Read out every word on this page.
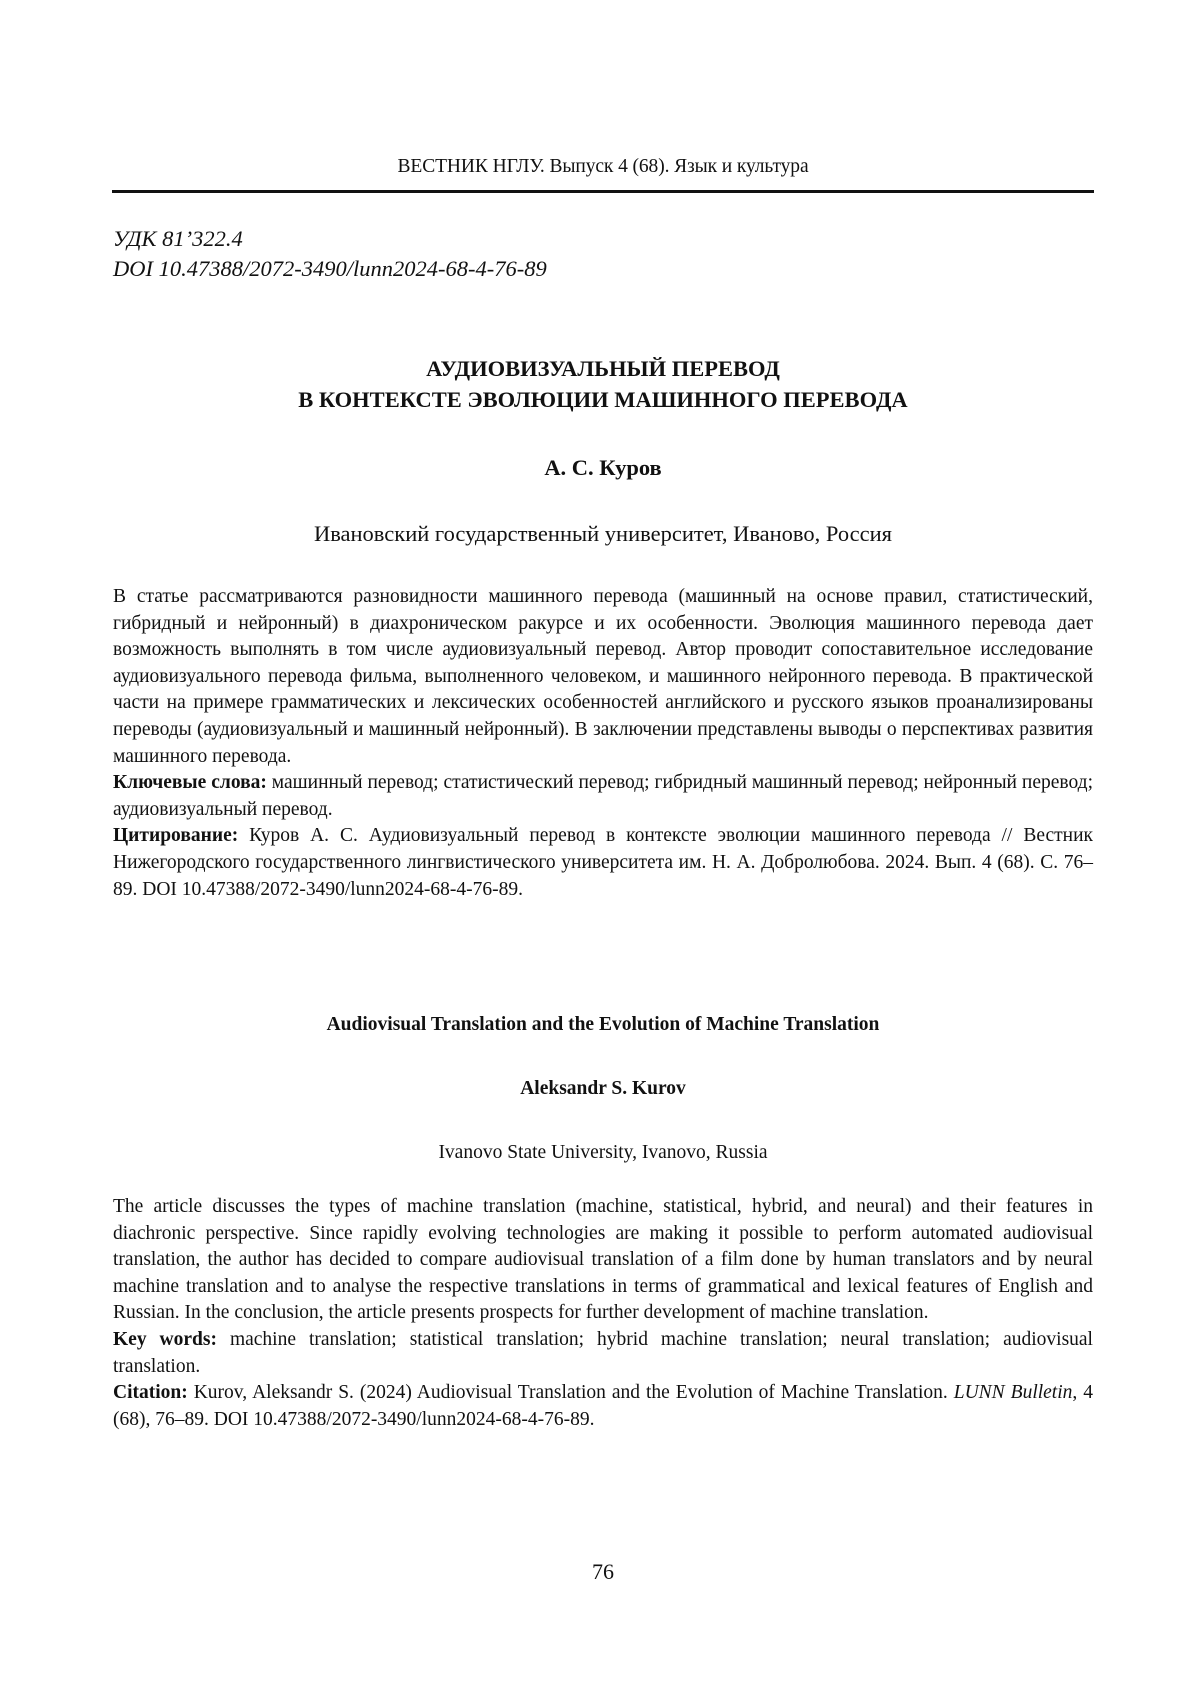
ВЕСТНИК НГЛУ. Выпуск 4 (68). Язык и культура
УДК 81’322.4
DOI 10.47388/2072-3490/lunn2024-68-4-76-89
АУДИОВИЗУАЛЬНЫЙ ПЕРЕВОД
В КОНТЕКСТЕ ЭВОЛЮЦИИ МАШИННОГО ПЕРЕВОДА
А. С. Куров
Ивановский государственный университет, Иваново, Россия

В статье рассматриваются разновидности машинного перевода (машинный на основе правил, статистический, гибридный и нейронный) в диахроническом ракурсе и их особенности. Эволюция машинного перевода дает возможность выполнять в том числе аудиовизуальный перевод. Автор проводит сопоставительное исследование аудиовизуального перевода фильма, выполненного человеком, и машинного нейронного перевода. В практической части на примере грамматических и лексических особенностей английского и русского языков проанализированы переводы (аудиовизуальный и машинный нейронный). В заключении представлены выводы о перспективах развития машинного перевода.

Ключевые слова: машинный перевод; статистический перевод; гибридный машинный перевод; нейронный перевод; аудиовизуальный перевод.

Цитирование: Куров А. С. Аудиовизуальный перевод в контексте эволюции машинного перевода // Вестник Нижегородского государственного лингвистического университета им. Н. А. Добролюбова. 2024. Вып. 4 (68). С. 76–89. DOI 10.47388/2072-3490/lunn2024-68-4-76-89.

Audiovisual Translation and the Evolution of Machine Translation
Aleksandr S. Kurov
Ivanovo State University, Ivanovo, Russia

The article discusses the types of machine translation (machine, statistical, hybrid, and neural) and their features in diachronic perspective. Since rapidly evolving technologies are making it possible to perform automated audiovisual translation, the author has decided to compare audiovisual translation of a film done by human translators and by neural machine translation and to analyse the respective translations in terms of grammatical and lexical features of English and Russian. In the conclusion, the article presents prospects for further development of machine translation.

Key words: machine translation; statistical translation; hybrid machine translation; neural translation; audiovisual translation.

Citation: Kurov, Aleksandr S. (2024) Audiovisual Translation and the Evolution of Machine Translation. LUNN Bulletin, 4 (68), 76–89. DOI 10.47388/2072-3490/lunn2024-68-4-76-89.

76
